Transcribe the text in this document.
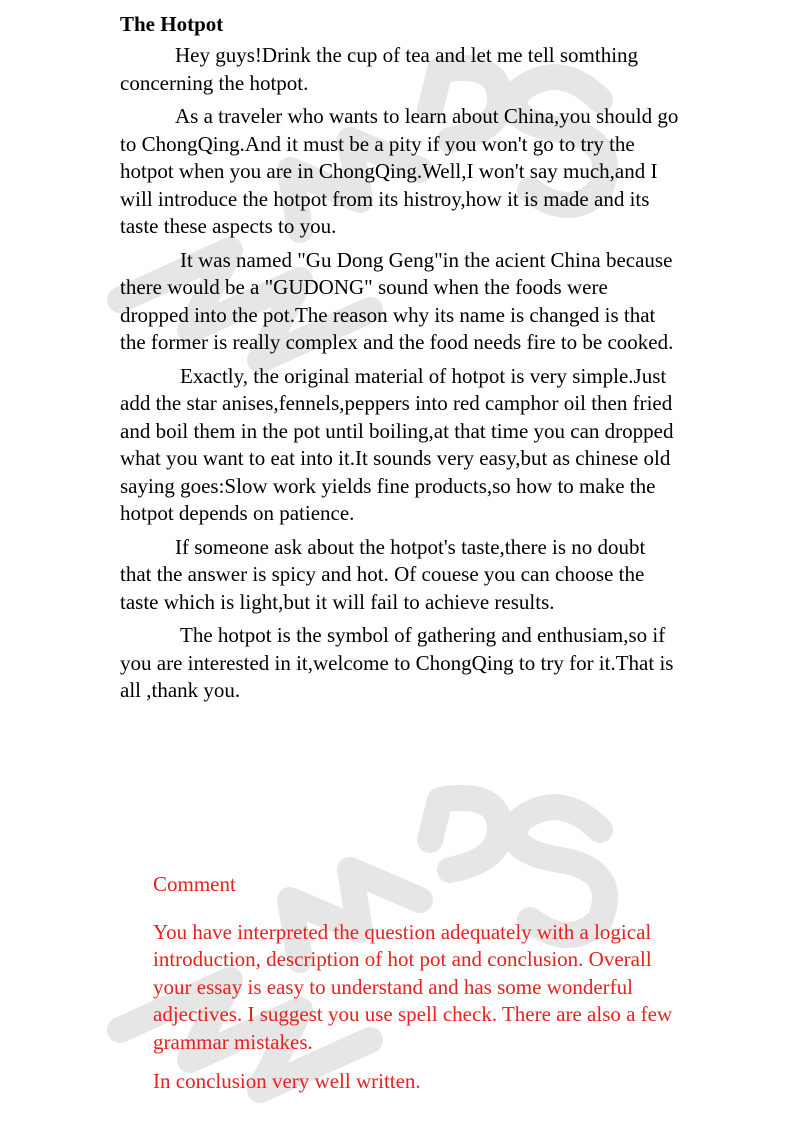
The Hotpot

Hey guys!Drink the cup of tea and let me tell somthing concerning the hotpot.

As a traveler who wants to learn about China,you should go to ChongQing.And it must be a pity if you won't go to try the hotpot when you are in ChongQing.Well,I won't say much,and I will introduce the hotpot from its histroy,how it is made and its taste these aspects to you.

It was named "Gu Dong Geng"in the acient China because there would be a "GUDONG" sound when the foods were dropped into the pot.The reason why its name is changed is that the former is really complex and the food needs fire to be cooked.

Exactly, the original material of hotpot is very simple.Just add the star anises,fennels,peppers into red camphor oil then fried and boil them in the pot until boiling,at that time you can dropped what you want to eat into it.It sounds very easy,but as chinese old saying goes:Slow work yields fine products,so how to make the hotpot depends on patience.

If someone ask about the hotpot's taste,there is no doubt that the answer is spicy and hot. Of couese you can choose the taste which is light,but it will fail to achieve results.

The hotpot is the symbol of gathering and enthusiam,so if you are interested in it,welcome to ChongQing to try for it.That is all ,thank you.

Comment
You have interpreted the question adequately with a logical introduction, description of hot pot and conclusion. Overall your essay is easy to understand and has some wonderful adjectives. I suggest you use spell check. There are also a few grammar mistakes.
In conclusion very well written.
